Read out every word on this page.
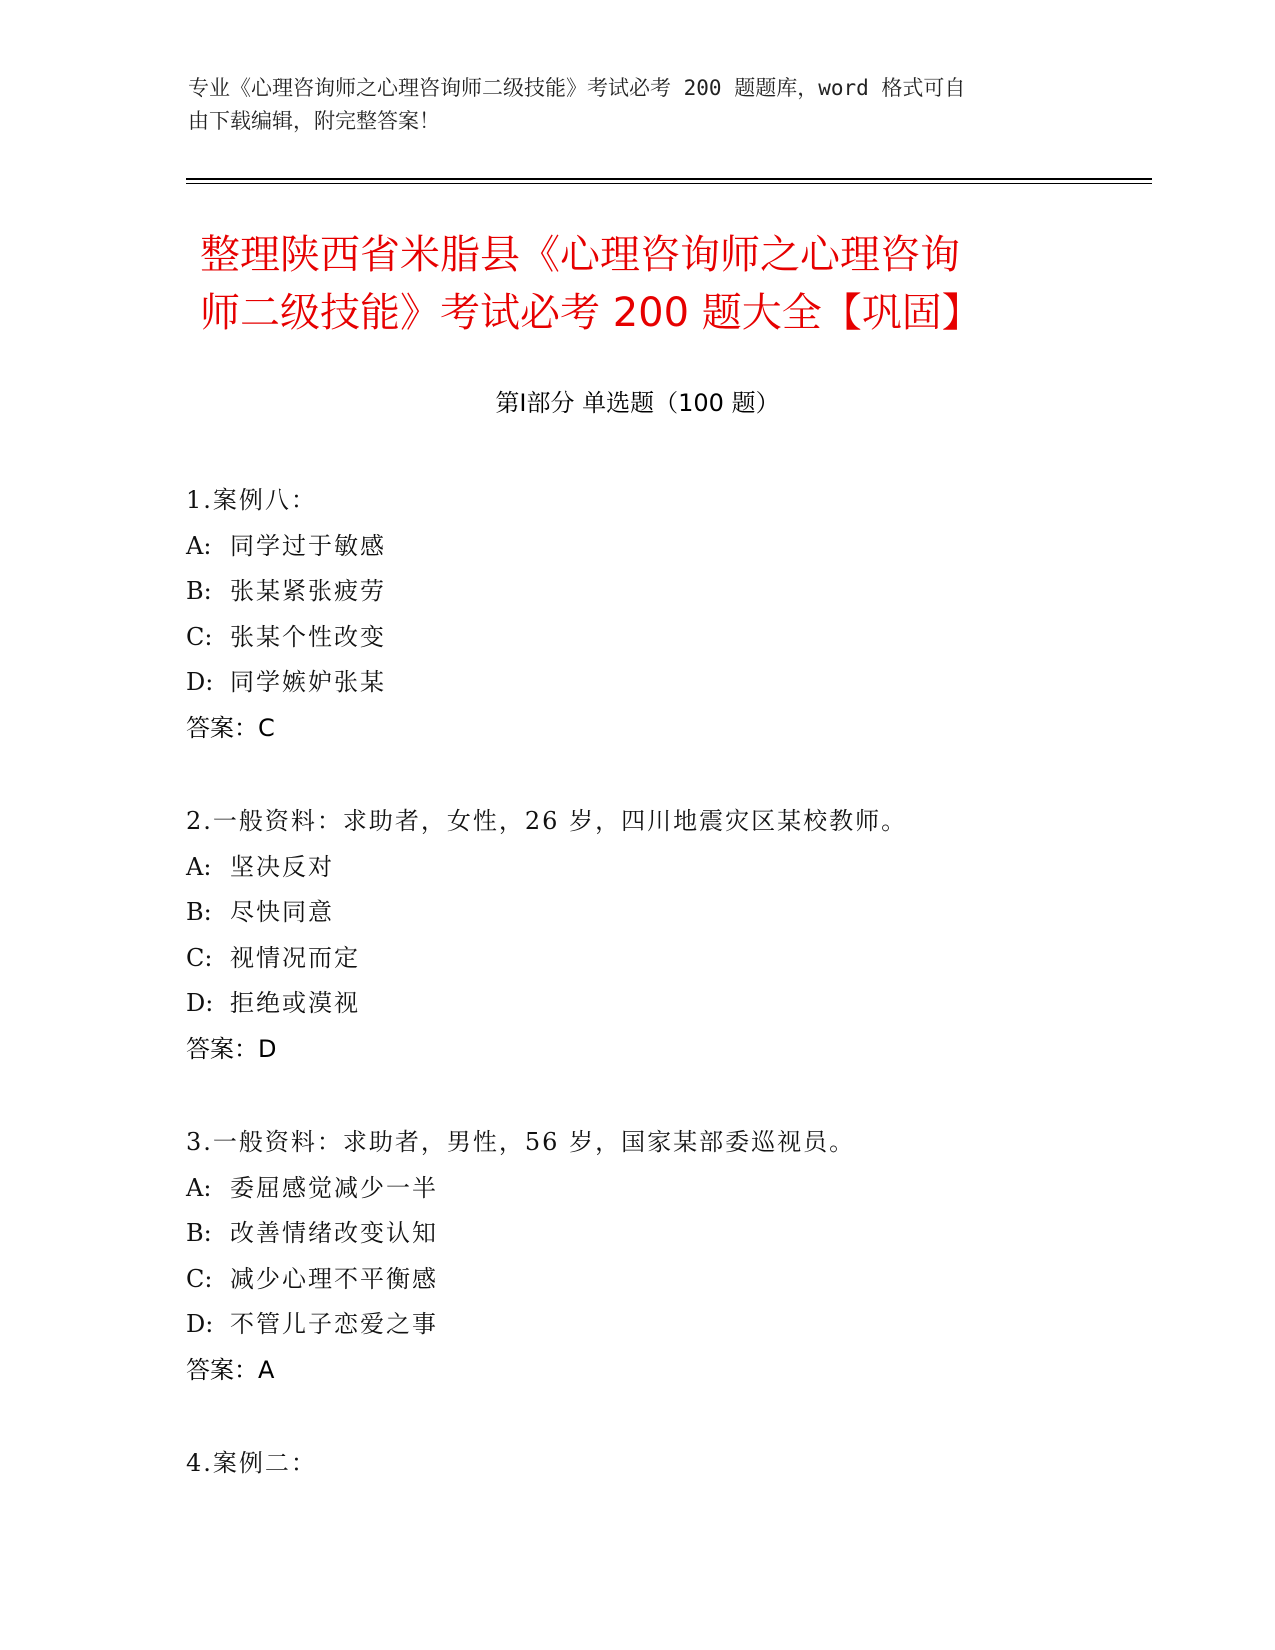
专业《心理咨询师之心理咨询师二级技能》考试必考 200 题题库，word 格式可自
由下载编辑，附完整答案！
整理陕西省米脂县《心理咨询师之心理咨询
师二级技能》考试必考 200 题大全【巩固】
第Ⅰ部分 单选题（100 题）
1.案例八：
A: 同学过于敏感
B: 张某紧张疲劳
C: 张某个性改变
D: 同学嫉妒张某
答案：C
2.一般资料：求助者，女性，26 岁，四川地震灾区某校教师。
A: 坚决反对
B: 尽快同意
C: 视情况而定
D: 拒绝或漠视
答案：D
3.一般资料：求助者，男性，56 岁，国家某部委巡视员。
A: 委屈感觉减少一半
B: 改善情绪改变认知
C: 减少心理不平衡感
D: 不管儿子恋爱之事
答案：A
4.案例二：
